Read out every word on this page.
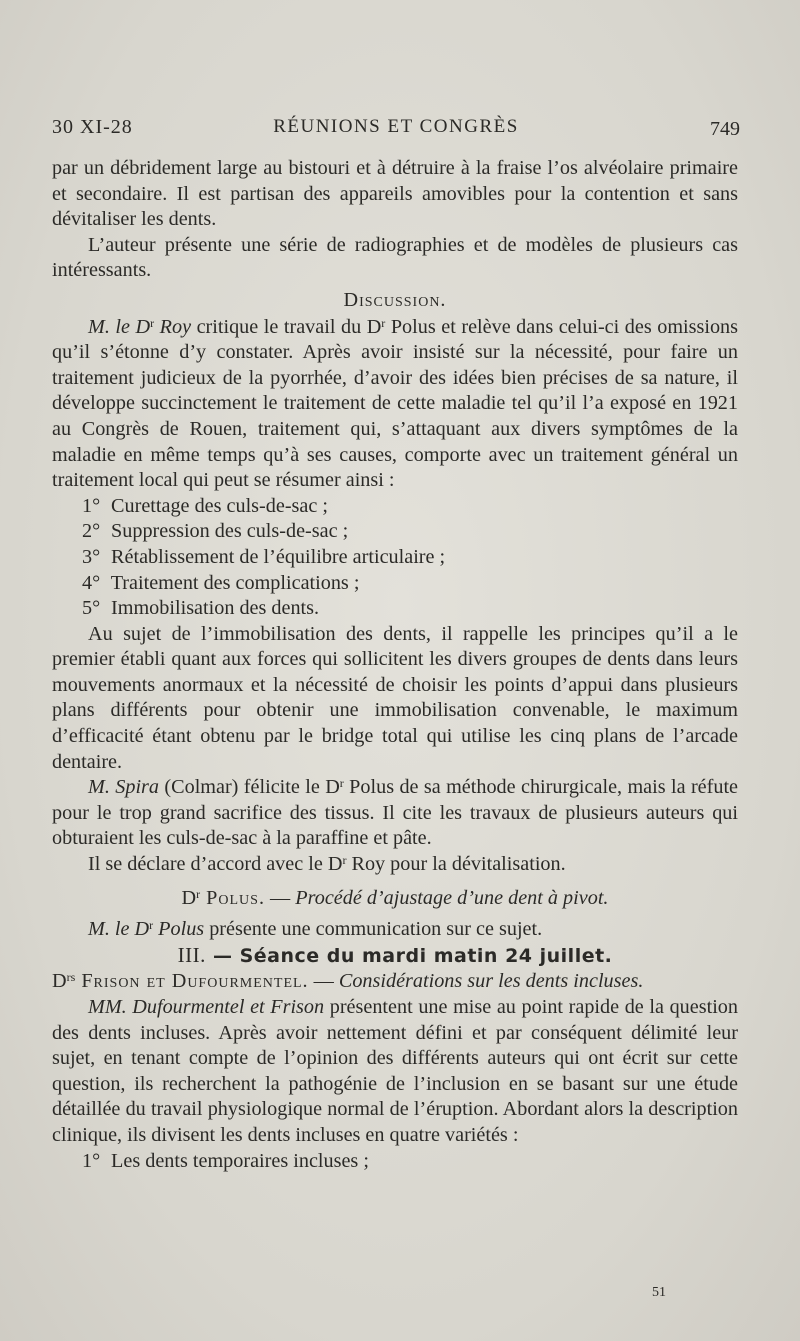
30 XI-28	RÉUNIONS ET CONGRÈS	749

par un débridement large au bistouri et à détruire à la fraise l’os alvéolaire primaire et secondaire. Il est partisan des appareils amovibles pour la contention et sans dévitaliser les dents.

L’auteur présente une série de radiographies et de modèles de plusieurs cas intéressants.

Discussion.

M. le $D^r$ Roy critique le travail du $D^r$ Polus et relève dans celui-ci des omissions qu’il s’étonne d’y constater. Après avoir insisté sur la nécessité, pour faire un traitement judicieux de la pyorrhée, d’avoir des idées bien précises de sa nature, il développe succinctement le traitement de cette maladie tel qu’il l’a exposé en 1921 au Congrès de Rouen, traitement qui, s’attaquant aux divers symptômes de la maladie en même temps qu’à ses causes, comporte avec un traitement général un traitement local qui peut se résumer ainsi :

1° Curettage des culs-de-sac ;
2° Suppression des culs-de-sac ;
3° Rétablissement de l’équilibre articulaire ;
4° Traitement des complications ;
5° Immobilisation des dents.

Au sujet de l’immobilisation des dents, il rappelle les principes qu’il a le premier établi quant aux forces qui sollicitent les divers groupes de dents dans leurs mouvements anormaux et la nécessité de choisir les points d’appui dans plusieurs plans différents pour obtenir une immobilisation convenable, le maximum d’efficacité étant obtenu par le bridge total qui utilise les cinq plans de l’arcade dentaire.

M. Spira (Colmar) félicite le $D^r$ Polus de sa méthode chirurgicale, mais la réfute pour le trop grand sacrifice des tissus. Il cite les travaux de plusieurs auteurs qui obturaient les culs-de-sac à la paraffine et pâte.

Il se déclare d’accord avec le $D^r$ Roy pour la dévitalisation.

$D^r$ Polus. — Procédé d’ajustage d’une dent à pivot.

M. le $D^r$ Polus présente une communication sur ce sujet.

III. — Séance du mardi matin 24 juillet.

$D^{rs}$ Frison et Dufourmentel. — Considérations sur les dents incluses.

MM. Dufourmentel et Frison présentent une mise au point rapide de la question des dents incluses. Après avoir nettement défini et par conséquent délimité leur sujet, en tenant compte de l’opinion des différents auteurs qui ont écrit sur cette question, ils recherchent la pathogénie de l’inclusion en se basant sur une étude détaillée du travail physiologique normal de l’éruption. Abordant alors la description clinique, ils divisent les dents incluses en quatre variétés :

1° Les dents temporaires incluses ;
51
